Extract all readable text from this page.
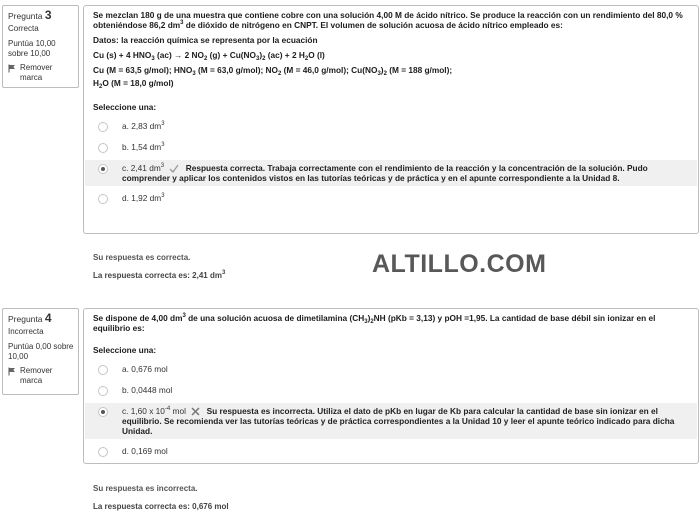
Pregunta 3
Correcta
Puntúa 10,00 sobre 10,00
Remover marca

Se mezclan 180 g de una muestra que contiene cobre con una solución 4,00 M de ácido nítrico. Se produce la reacción con un rendimiento del 80,0 % obteniéndose 86,2 $dm^3$ de dióxido de nitrógeno en CNPT. El volumen de solución acuosa de ácido nítrico empleado es:

Datos: la reacción química se representa por la ecuación

Cu (s) + 4 $HNO_3$ (ac) → 2 $NO_2$ $(g) + Cu(NO_3)_2$ (ac) + 2 $H_2O$ (l)

Cu (M = 63,5 g/mol); $HNO_3$ (M = 63,0 g/mol); $NO_2$ (M = 46,0 g/mol); $Cu(NO_3)_2$ (M = 188 g/mol);

$H_2O$ (M = 18,0 g/mol)

Seleccione una:

a. 2,83 $dm^3$
b. 1,54 $dm^3$
c. 2,41 $dm^3$	Respuesta correcta. Trabaja correctamente con el rendimiento de la reacción y la concentración de la solución. Pudo comprender y aplicar los contenidos vistos en las tutorías teóricas y de práctica y en el apunte correspondiente a la Unidad 8.
d. 1,92 $dm^3$
Su respuesta es correcta.
La respuesta correcta es: 2,41 $dm^3$	ALTILLO.COM
Pregunta 4
Incorrecta
Puntúa 0,00 sobre 10,00
Remover marca

Se dispone de 4,00 $dm^3$ de una solución acuosa de dimetilamina $(CH_3)_2NH$ (pKb = 3,13) y pOH =1,95. La cantidad de base débil sin ionizar en el equilibrio es:

Seleccione una:

a. 0,676 mol
b. 0,0448 mol
c. 1,60 x $10^{-4}$ mol Su respuesta es incorrecta. Utiliza el dato de pKb en lugar de Kb para calcular la cantidad de base sin ionizar en el equilibrio. Se recomienda ver las tutorías teóricas y de práctica correspondientes a la Unidad 10 y leer el apunte teórico indicado para dicha Unidad.
d. 0,169 mol
Su respuesta es incorrecta.
La respuesta correcta es: 0,676 mol
